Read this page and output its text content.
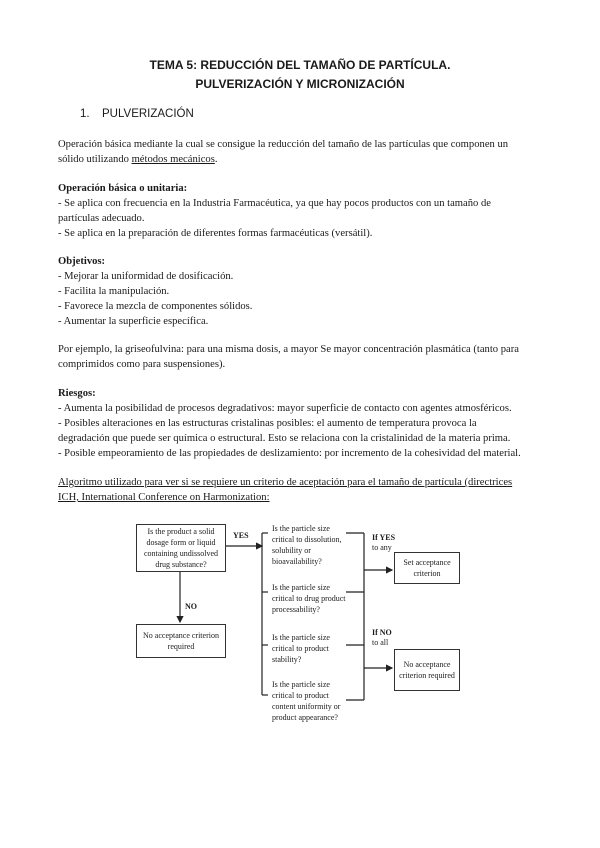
TEMA 5: REDUCCIÓN DEL TAMAÑO DE PARTÍCULA.
PULVERIZACIÓN Y MICRONIZACIÓN
1. PULVERIZACIÓN
Operación básica mediante la cual se consigue la reducción del tamaño de las partículas que componen un
sólido utilizando métodos mecánicos.
Operación básica o unitaria:
- Se aplica con frecuencia en la Industria Farmacéutica, ya que hay pocos productos con un tamaño de
partículas adecuado.
- Se aplica en la preparación de diferentes formas farmacéuticas (versátil).
Objetivos:
- Mejorar la uniformidad de dosificación.
- Facilita la manipulación.
- Favorece la mezcla de componentes sólidos.
- Aumentar la superficie específica.
Por ejemplo, la griseofulvina: para una misma dosis, a mayor Se mayor concentración plasmática (tanto para
comprimidos como para suspensiones).
Riesgos:
- Aumenta la posibilidad de procesos degradativos: mayor superficie de contacto con agentes atmosféricos.
- Posibles alteraciones en las estructuras cristalinas posibles: el aumento de temperatura provoca la
degradación que puede ser química o estructural. Esto se relaciona con la cristalinidad de la materia prima.
- Posible empeoramiento de las propiedades de deslizamiento: por incremento de la cohesividad del material.
Algoritmo utilizado para ver si se requiere un criterio de aceptación para el tamaño de partícula (directrices
ICH, International Conference on Harmonization:
Is the product a solid dosage form or liquid containing undissolved drug substance?
YES
NO
No acceptance criterion required
Is the particle size critical to dissolution, solubility or bioavailability?
Is the particle size critical to drug product processability?
Is the particle size critical to product stability?
Is the particle size critical to product content uniformity or product appearance?
If YES
to any
If NO
to all
Set acceptance criterion
No acceptance criterion required
